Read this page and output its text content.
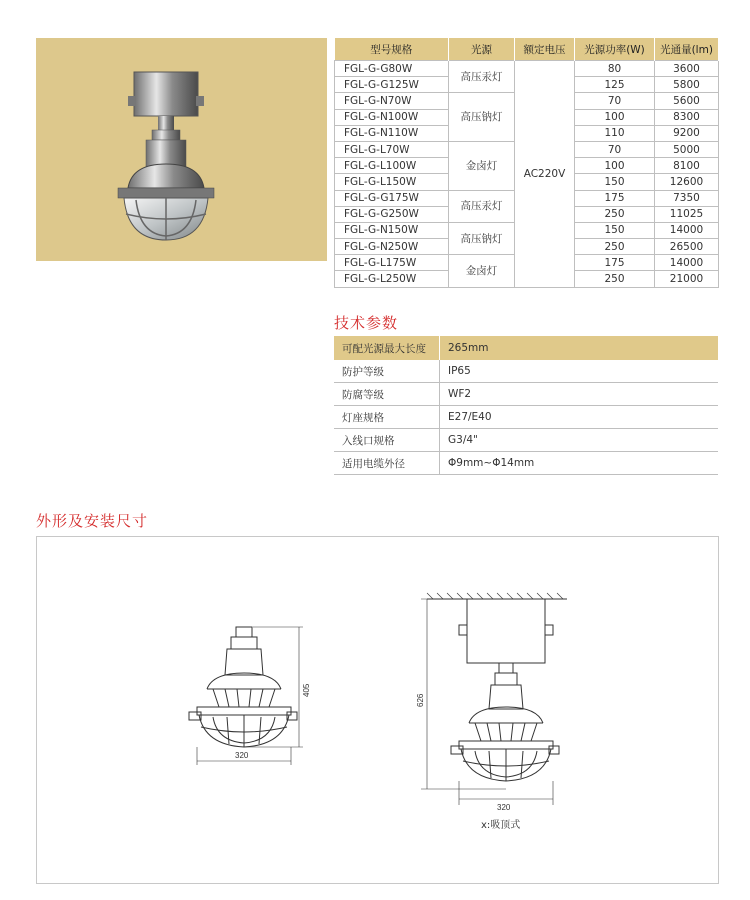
型号规格	光源	额定电压	光源功率(W)	光通量(lm)
FGL-G-G80W	高压汞灯	AC220V	80	3600
FGL-G-G125W			125	5800
FGL-G-N70W	高压钠灯		70	5600
FGL-G-N100W			100	8300
FGL-G-N110W			110	9200
FGL-G-L70W	金卤灯		70	5000
FGL-G-L100W			100	8100
FGL-G-L150W			150	12600
FGL-G-G175W	高压汞灯		175	7350
FGL-G-G250W			250	11025
FGL-G-N150W	高压钠灯		150	14000
FGL-G-N250W			250	26500
FGL-G-L175W	金卤灯		175	14000
FGL-G-L250W			250	21000
技术参数
可配光源最大长度	265mm
防护等级	IP65
防腐等级	WF2
灯座规格	E27/E40
入线口规格	G3/4"
适用电缆外径	Φ9mm~Φ14mm
外形及安装尺寸
405
320
626
320
x:吸顶式
